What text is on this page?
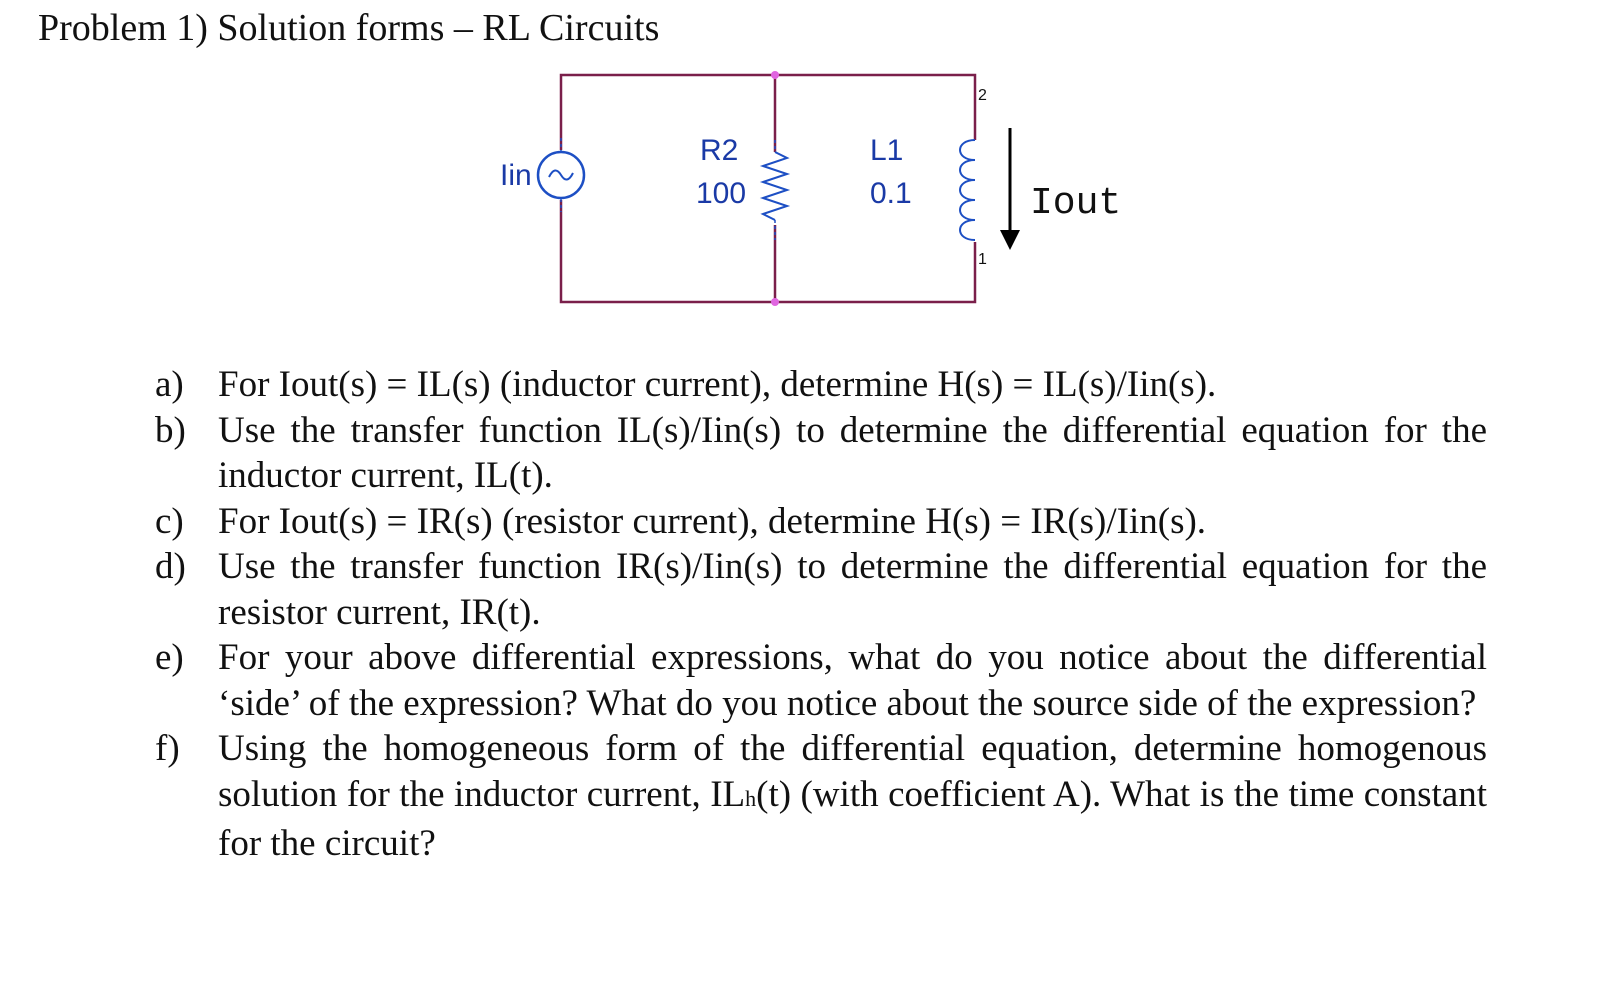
Problem 1) Solution forms – RL Circuits
Iin
R2
100
L1
0.1
2
1
Iout
a) For Iout(s) = IL(s) (inductor current), determine H(s) = IL(s)/Iin(s).
b) Use the transfer function IL(s)/Iin(s) to determine the differential equation for the inductor current, IL(t).
c) For Iout(s) = IR(s) (resistor current), determine H(s) = IR(s)/Iin(s).
d) Use the transfer function IR(s)/Iin(s) to determine the differential equation for the resistor current, IR(t).
e) For your above differential expressions, what do you notice about the differential ‘side’ of the expression? What do you notice about the source side of the expression?
f) Using the homogeneous form of the differential equation, determine homogenous solution for the inductor current, ILh(t) (with coefficient A). What is the time constant for the circuit?
